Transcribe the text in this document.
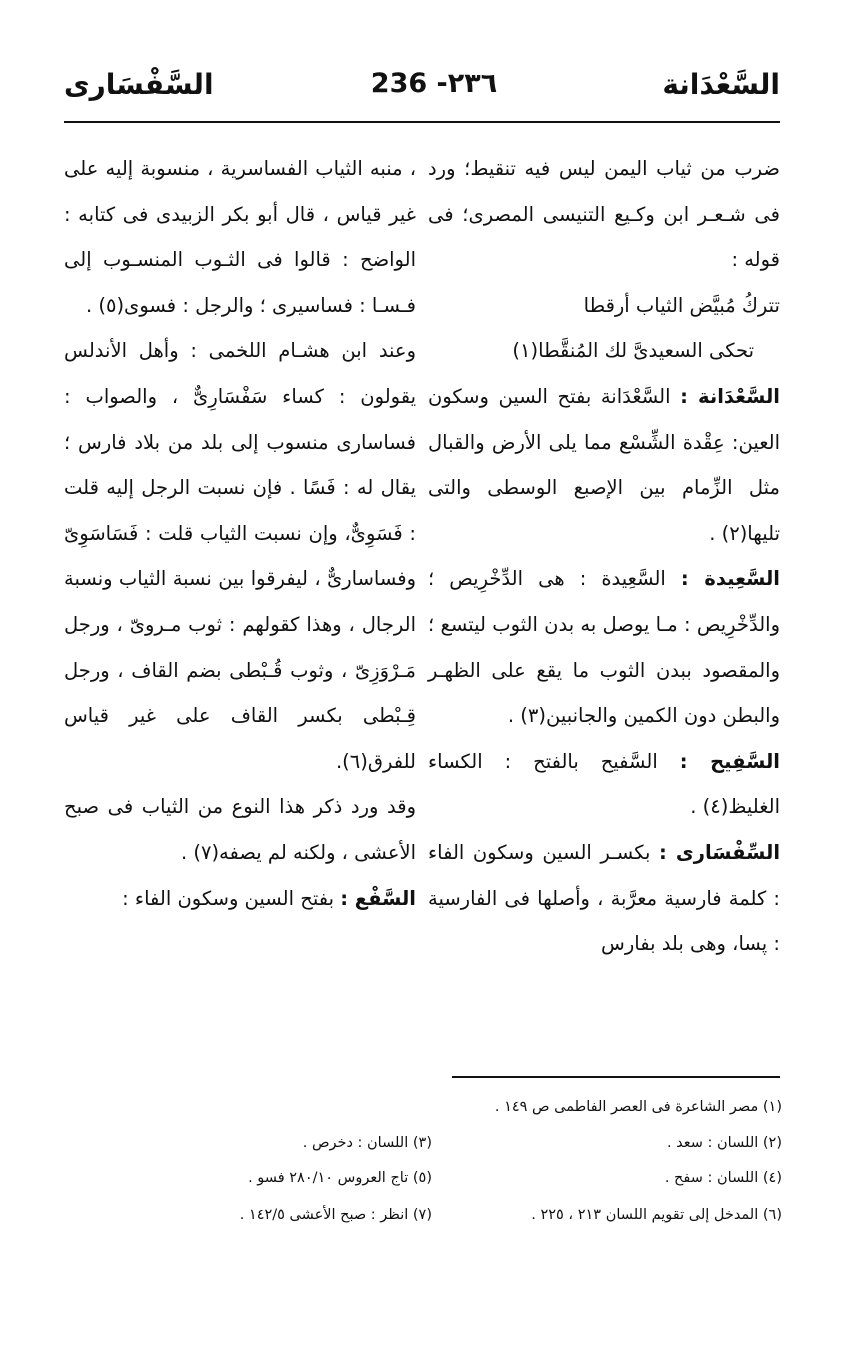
السَّعْدَانة
236 -٢٣٦
السَّفْسَارى

ضرب من ثياب اليمن ليس فيه تنقيط؛ ورد فى شـعـر ابن وكـيع التنيسى المصرى؛ فى قوله :

تتركُ مُبيَّض الثياب أرقطا

تحكى السعيدىَّ لك المُنقَّطا(١)

السَّعْدَانة : السَّعْدَانة بفتح السين وسكون العين: عِقْدة الشِّسْع مما يلى الأرض والقبال مثل الزِّمام بين الإصبع الوسطى والتى تليها(٢) .

السَّعِيدة : السَّعِيدة : هى الدِّخْرِيص ؛ والدِّخْرِيص : مـا يوصل به بدن الثوب ليتسع ؛ والمقصود ببدن الثوب ما يقع على الظهـر والبطن دون الكمين والجانبين(٣) .

السَّفِيح : السَّفيح بالفتح : الكساء الغليظ(٤) .

السِّفْسَارى : بكسـر السين وسكون الفاء : كلمة فارسية معرَّبة ، وأصلها فى الفارسية : پسا، وهى بلد بفارس

، منبه الثياب الفساسرية ، منسوبة إليه على غير قياس ، قال أبو بكر الزبيدى فى كتابه : الواضح : قالوا فى الثـوب المنسـوب إلى فـسـا : فساسيرى ؛ والرجل : فسوى(٥) .

وعند ابن هشـام اللخمى : وأهل الأندلس يقولون : كساء سَفْسَارِىٌّ ، والصواب : فساسارى منسوب إلى بلد من بلاد فارس ؛ يقال له : فَسًا . فإن نسبت الرجل إليه قلت : فَسَوِىٌّ، وإن نسبت الثياب قلت : فَسَاسَوِىّ وفساسارىٌّ ، ليفرقوا بين نسبة الثياب ونسبة الرجال ، وهذا كقولهم : ثوب مـروىّ ، ورجل مَـرْوَزِىّ ، وثوب قُـبْطى بضم القاف ، ورجل قِـبْطى بكسر القاف على غير قياس للفرق(٦).

وقد ورد ذكر هذا النوع من الثياب فى صبح الأعشى ، ولكنه لم يصفه(٧) .

السَّفْع : بفتح السين وسكون الفاء :

(١) مصر الشاعرة فى العصر الفاطمى ص ١٤٩ .
(٢) اللسان : سعد .
(٣) اللسان : دخرص .
(٤) اللسان : سفح .
(٥) تاج العروس ٢٨٠/١٠ فسو .
(٦) المدخل إلى تقويم اللسان ٢١٣ ، ٢٢٥ .
(٧) انظر : صبح الأعشى ١٤٢/٥ .
